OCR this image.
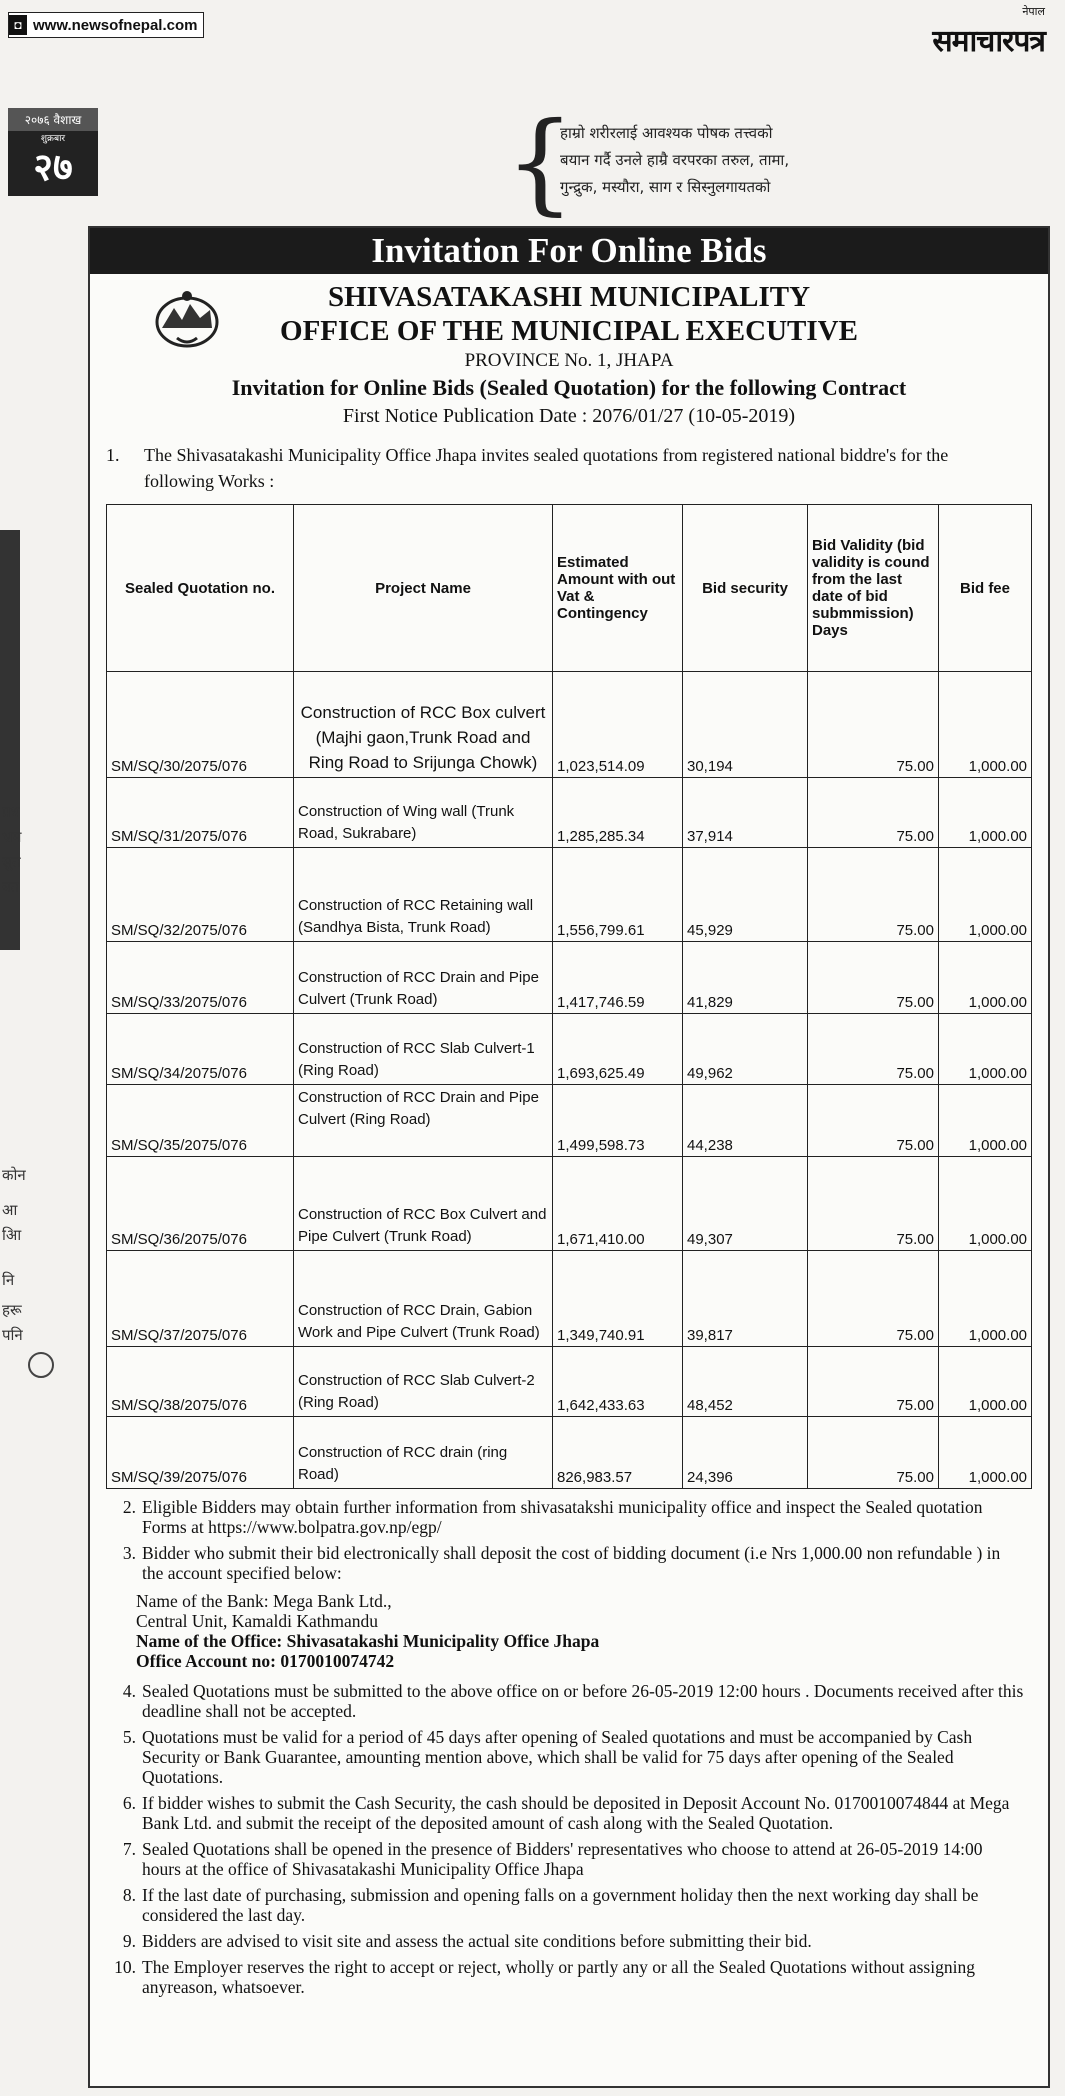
◘ www.newsofnepal.com
नेपाल
समाचारपत्र
२०७६ वैशाख
शुक्रबार
२७	{
हाम्रो शरीरलाई आवश्यक पोषक तत्त्वको
बयान गर्दै उनले हाम्रै वरपरका तरुल, तामा,
गुन्द्रुक, मस्यौरा, साग र सिस्नुलगायतको
प्रध
भ्रम
सुत
बत
कोन
आ
आि
नि
हरू
पनि
Invitation For Online Bids
SHIVASATAKASHI MUNICIPALITY
OFFICE OF THE MUNICIPAL EXECUTIVE
PROVINCE No. 1, JHAPA
Invitation for Online Bids (Sealed Quotation) for the following Contract
First Notice Publication Date : 2076/01/27 (10-05-2019)
1.	The Shivasatakashi Municipality Office Jhapa invites sealed quotations from registered national biddre's for the following Works :
Sealed Quotation no.	Project Name	Estimated Amount with out Vat & Contingency	Bid security	Bid Validity (bid validity is cound from the last date of bid submmission) Days	Bid fee
SM/SQ/30/2075/076	Construction of RCC Box culvert (Majhi gaon,Trunk Road and Ring Road to Srijunga Chowk)	1,023,514.09	30,194	75.00	1,000.00
SM/SQ/31/2075/076	Construction of Wing wall (Trunk Road, Sukrabare)	1,285,285.34	37,914	75.00	1,000.00
SM/SQ/32/2075/076	Construction of RCC Retaining wall (Sandhya Bista, Trunk Road)	1,556,799.61	45,929	75.00	1,000.00
SM/SQ/33/2075/076	Construction of RCC Drain and Pipe Culvert (Trunk Road)	1,417,746.59	41,829	75.00	1,000.00
SM/SQ/34/2075/076	Construction of RCC Slab Culvert-1 (Ring Road)	1,693,625.49	49,962	75.00	1,000.00
SM/SQ/35/2075/076	Construction of RCC Drain and Pipe Culvert (Ring Road)	1,499,598.73	44,238	75.00	1,000.00
SM/SQ/36/2075/076	Construction of RCC Box Culvert and Pipe Culvert (Trunk Road)	1,671,410.00	49,307	75.00	1,000.00
SM/SQ/37/2075/076	Construction of RCC Drain, Gabion Work and Pipe Culvert (Trunk Road)	1,349,740.91	39,817	75.00	1,000.00
SM/SQ/38/2075/076	Construction of RCC Slab Culvert-2 (Ring Road)	1,642,433.63	48,452	75.00	1,000.00
SM/SQ/39/2075/076	Construction of RCC drain (ring Road)	826,983.57	24,396	75.00	1,000.00
2. Eligible Bidders may obtain further information from shivasatakshi municipality office and inspect the Sealed quotation Forms at https://www.bolpatra.gov.np/egp/
3. Bidder who submit their bid electronically shall deposit the cost of bidding document (i.e Nrs 1,000.00 non refundable ) in the account specified below:
Name of the Bank: Mega Bank Ltd.,
Central Unit, Kamaldi Kathmandu
Name of the Office: Shivasatakashi Municipality Office Jhapa
Office Account no: 0170010074742
4. Sealed Quotations must be submitted to the above office on or before 26-05-2019 12:00 hours . Documents received after this deadline shall not be accepted.
5. Quotations must be valid for a period of 45 days after opening of Sealed quotations and must be accompanied by Cash Security or Bank Guarantee, amounting mention above, which shall be valid for 75 days after opening of the Sealed Quotations.
6. If bidder wishes to submit the Cash Security, the cash should be deposited in Deposit Account No. 0170010074844 at Mega Bank Ltd. and submit the receipt of the deposited amount of cash along with the Sealed Quotation.
7. Sealed Quotations shall be opened in the presence of Bidders' representatives who choose to attend at 26-05-2019 14:00 hours at the office of Shivasatakashi Municipality Office Jhapa
8. If the last date of purchasing, submission and opening falls on a government holiday then the next working day shall be considered the last day.
9. Bidders are advised to visit site and assess the actual site conditions before submitting their bid.
10. The Employer reserves the right to accept or reject, wholly or partly any or all the Sealed Quotations without assigning anyreason, whatsoever.
